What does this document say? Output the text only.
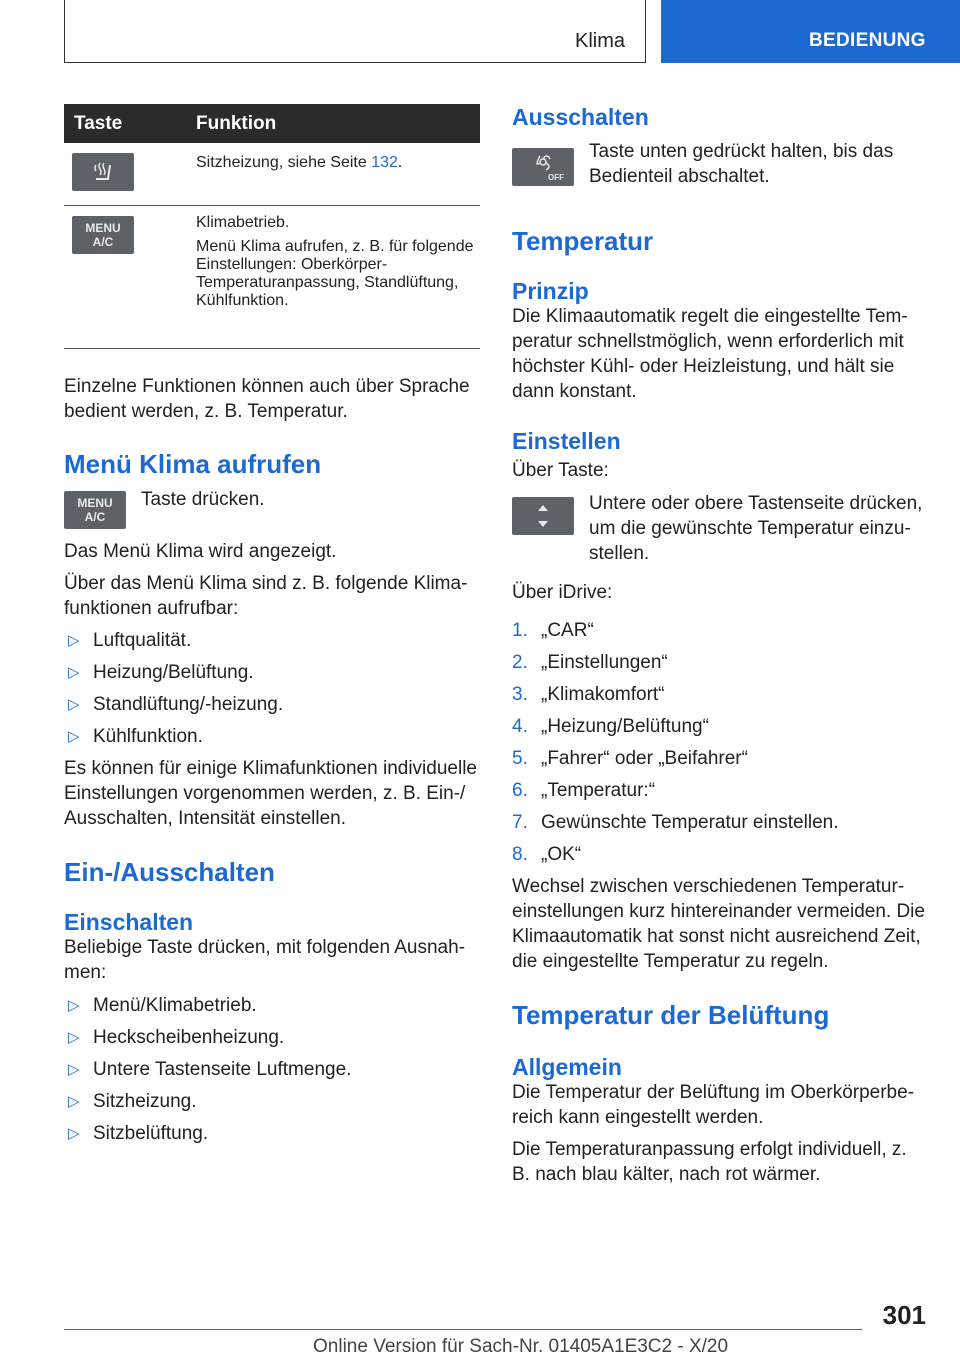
Klima	BEDIENUNG
Taste	Funktion

Sitzheizung, siehe Seite 132.

MENU
A/C

Klimabetrieb.

Menü Klima aufrufen, z. B. für folgende Einstellungen: Oberkörper-Temperaturanpassung, Standlüftung, Kühlfunktion.

Einzelne Funktionen können auch über Sprache bedient werden, z. B. Temperatur.

Menü Klima aufrufen
MENU
A/C

Taste drücken.

Das Menü Klima wird angezeigt.

Über das Menü Klima sind z. B. folgende Klimafunktionen aufrufbar:

▷ Luftqualität.
▷ Heizung/Belüftung.
▷ Standlüftung/-heizung.
▷ Kühlfunktion.

Es können für einige Klimafunktionen individuelle Einstellungen vorgenommen werden, z. B. Ein-/ Ausschalten, Intensität einstellen.

Ein-/Ausschalten
Einschalten

Beliebige Taste drücken, mit folgenden Ausnahmen:

▷ Menü/Klimabetrieb.
▷ Heckscheibenheizung.
▷ Untere Tastenseite Luftmenge.
▷ Sitzheizung.
▷ Sitzbelüftung.
Ausschalten
OFF

Taste unten gedrückt halten, bis das Bedienteil abschaltet.

Temperatur
Prinzip

Die Klimaautomatik regelt die eingestellte Temperatur schnellstmöglich, wenn erforderlich mit höchster Kühl- oder Heizleistung, und hält sie dann konstant.

Einstellen

Über Taste:

Untere oder obere Tastenseite drücken, um die gewünschte Temperatur einzustellen.

Über iDrive:

1. „CAR“
2. „Einstellungen“
3. „Klimakomfort“
4. „Heizung/Belüftung“
5. „Fahrer“ oder „Beifahrer“
6. „Temperatur:“
7. Gewünschte Temperatur einstellen.
8. „OK“

Wechsel zwischen verschiedenen Temperatureinstellungen kurz hintereinander vermeiden. Die Klimaautomatik hat sonst nicht ausreichend Zeit, die eingestellte Temperatur zu regeln.

Temperatur der Belüftung
Allgemein

Die Temperatur der Belüftung im Oberkörperbereich kann eingestellt werden.

Die Temperaturanpassung erfolgt individuell, z. B. nach blau kälter, nach rot wärmer.

301
Online Version für Sach-Nr. 01405A1E3C2 - X/20
